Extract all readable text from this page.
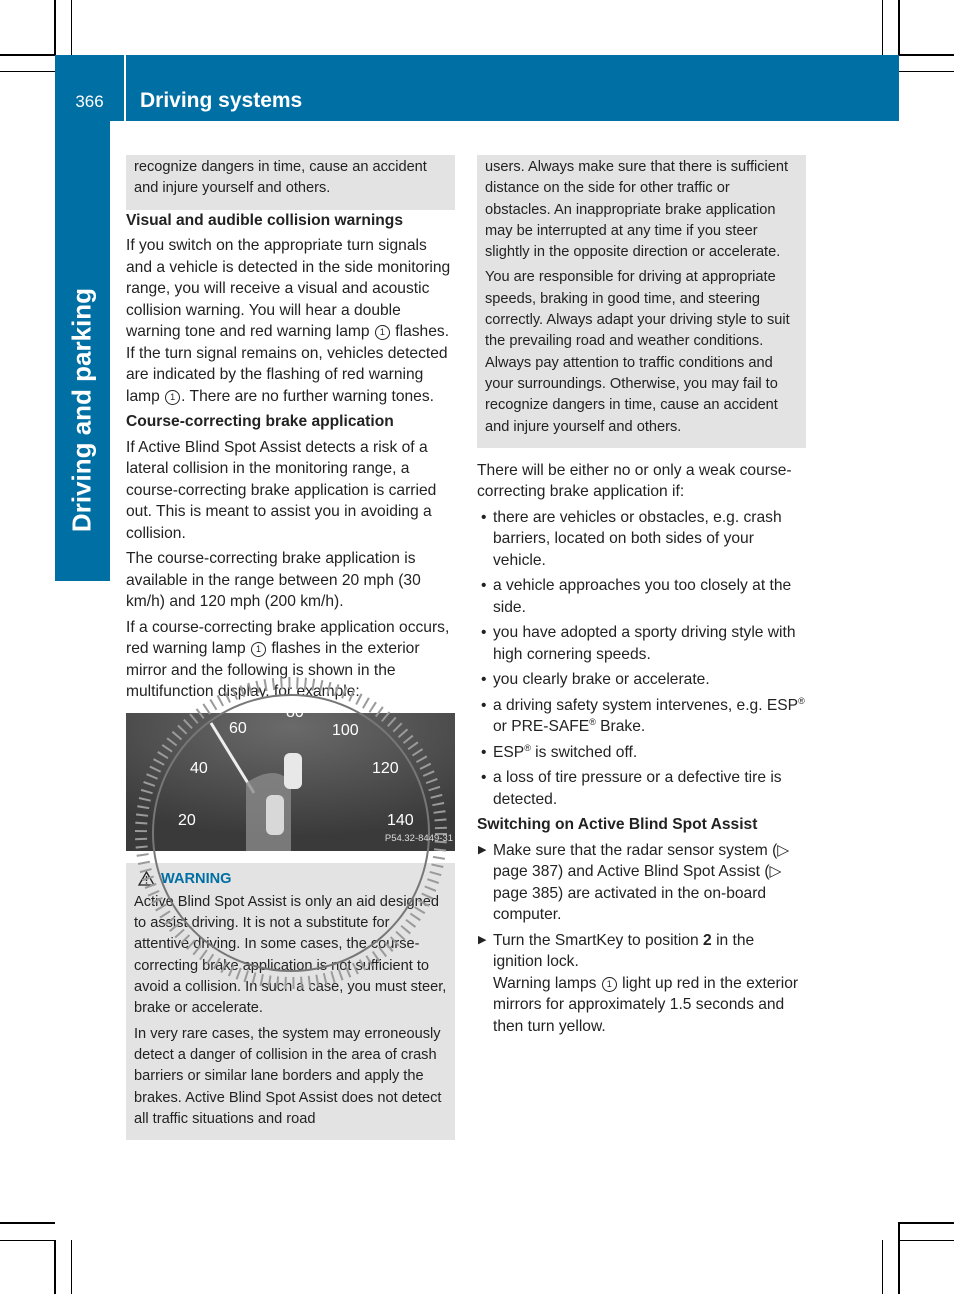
366	Driving systems
Driving and parking

recognize dangers in time, cause an accident and injure yourself and others.

Visual and audible collision warnings

If you switch on the appropriate turn signals and a vehicle is detected in the side monitoring range, you will receive a visual and acoustic collision warning. You will hear a double warning tone and red warning lamp 1 flashes. If the turn signal remains on, vehicles detected are indicated by the flashing of red warning lamp 1 . There are no further warning tones.

Course-correcting brake application

If Active Blind Spot Assist detects a risk of a lateral collision in the monitoring range, a course-correcting brake application is carried out. This is meant to assist you in avoiding a collision.

The course-correcting brake application is available in the range between 20 mph (30 km/h) and 120 mph (200 km/h).

If a course-correcting brake application occurs, red warning lamp 1 flashes in the exterior mirror and the following is shown in the multifunction display, for example:

20
40
60
80
100
120
140
P54.32-8449-31
WARNING

Active Blind Spot Assist is only an aid designed to assist driving. It is not a substitute for attentive driving. In some cases, the course-correcting brake application is not sufficient to avoid a collision. In such a case, you must steer, brake or accelerate.

In very rare cases, the system may erroneously detect a danger of collision in the area of crash barriers or similar lane borders and apply the brakes. Active Blind Spot Assist does not detect all traffic situations and road

users. Always make sure that there is sufficient distance on the side for other traffic or obstacles. An inappropriate brake application may be interrupted at any time if you steer slightly in the opposite direction or accelerate.

You are responsible for driving at appropriate speeds, braking in good time, and steering correctly. Always adapt your driving style to suit the prevailing road and weather conditions. Always pay attention to traffic conditions and your surroundings. Otherwise, you may fail to recognize dangers in time, cause an accident and injure yourself and others.

There will be either no or only a weak course-correcting brake application if:

• there are vehicles or obstacles, e.g. crash barriers, located on both sides of your vehicle.
• a vehicle approaches you too closely at the side.
• you have adopted a sporty driving style with high cornering speeds.
• you clearly brake or accelerate.
• a driving safety system intervenes, e.g. ESP® or PRE-SAFE® Brake.
• ESP® is switched off.
• a loss of tire pressure or a defective tire is detected.

Switching on Active Blind Spot Assist

▶ Make sure that the radar sensor system (▷ page 387) and Active Blind Spot Assist (▷ page 385) are activated in the on-board computer.
▶ Turn the SmartKey to position 2 in the ignition lock.
Warning lamps 1 light up red in the exterior mirrors for approximately 1.5 seconds and then turn yellow.
